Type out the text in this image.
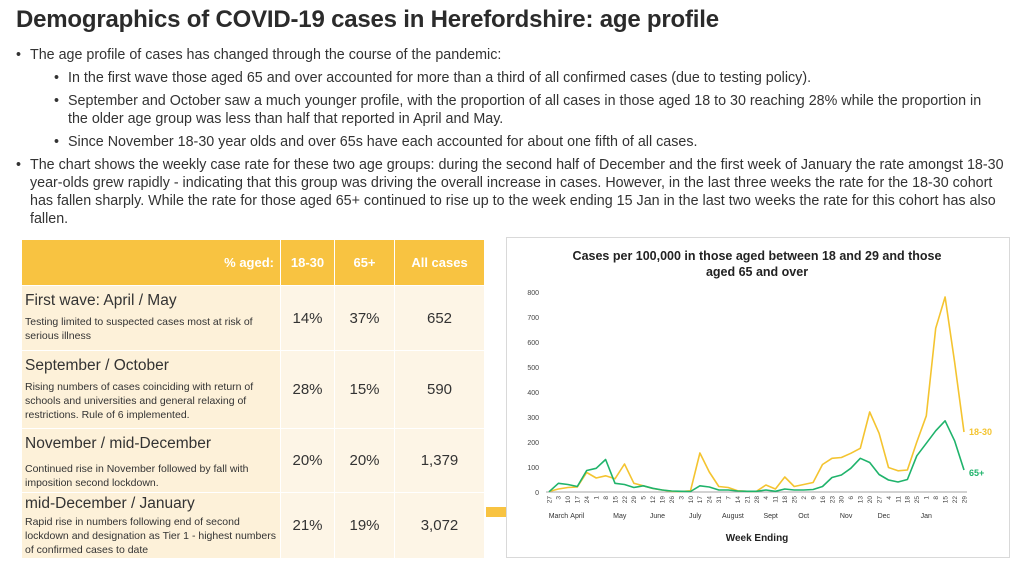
Demographics of COVID-19 cases in Herefordshire: age profile
• The age profile of cases has changed through the course of the pandemic:
• In the first wave those aged 65 and over accounted for more than a third of all confirmed cases (due to testing policy).
• September and October saw a much younger profile, with the proportion of all cases in those aged 18 to 30 reaching 28% while the proportion in the older age group was less than half that reported in April and May.
• Since November 18-30 year olds and over 65s have each accounted for about one fifth of all cases.
• The chart shows the weekly case rate for these two age groups: during the second half of December and the first week of January the rate amongst 18-30 year-olds grew rapidly - indicating that this group was driving the overall increase in cases. However, in the last three weeks the rate for the 18-30 cohort has fallen sharply. While the rate for those aged 65+ continued to rise up to the week ending 15 Jan in the last two weeks the rate for this cohort has also fallen.
% aged:	18-30	65+	All cases
First wave: April / May
Testing limited to suspected cases most at risk of serious illness
14%	37%	652
September / October
Rising numbers of cases coinciding with return of schools and universities and general relaxing of restrictions. Rule of 6 implemented.
28%	15%	590
November / mid-December
Continued rise in November followed by fall with imposition second lockdown.
20%	20%	1,379
mid-December / January
Rapid rise in numbers following end of second lockdown and designation as Tier 1 - highest numbers of confirmed cases to date
21%	19%	3,072
Cases per 100,000 in those aged between 18 and 29 and those
aged 65 and over
0
100
200
300
400
500
600
700
800
27 3 10 17 24 1 8 15 22 29 5 12 19 26 3 10 17 24 31 7 14 21 28 4 11 18 25 2 9 16 23 30 6 13 20 27 4 11 18 25 1 8 15 22 29
March April	May	June	July	August	Sept	Oct	Nov	Dec	Jan
18-30
65+
Week Ending
